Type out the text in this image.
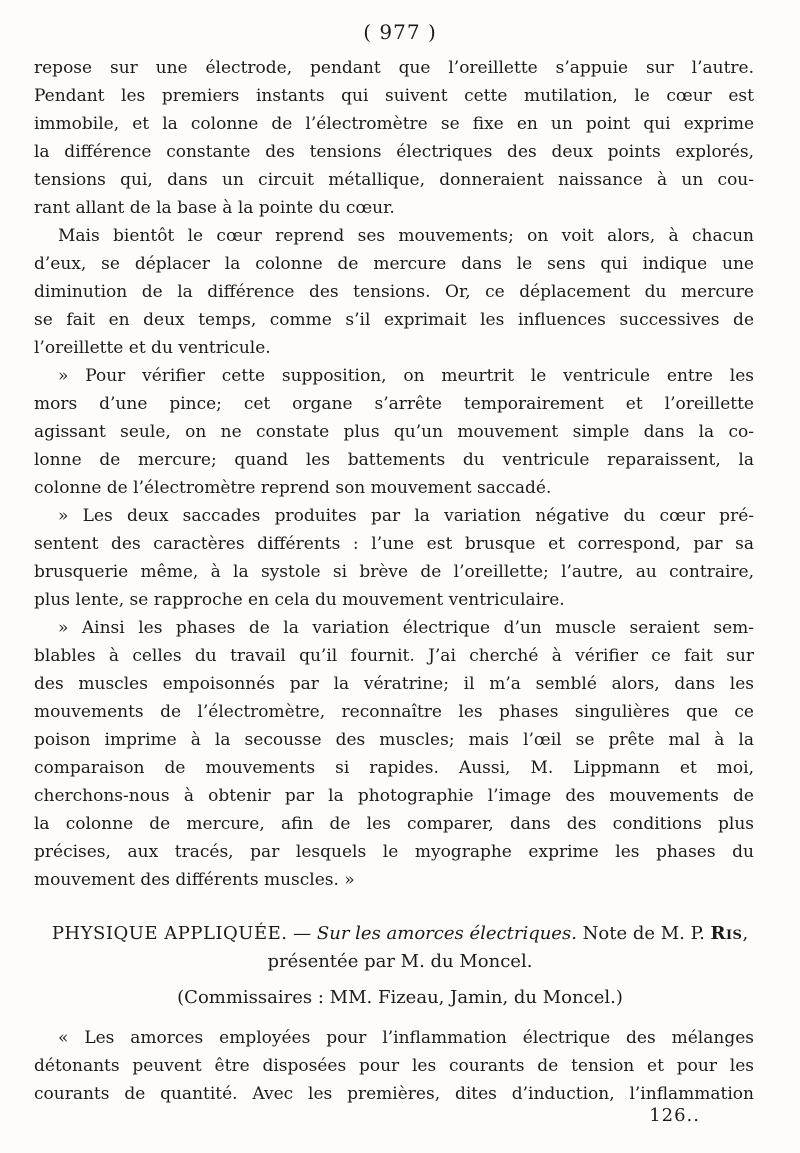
( 977 )
repose sur une électrode, pendant que l’oreillette s’appuie sur l’autre.
Pendant les premiers instants qui suivent cette mutilation, le cœur est
immobile, et la colonne de l’électromètre se fixe en un point qui exprime
la différence constante des tensions électriques des deux points explorés,
tensions qui, dans un circuit métallique, donneraient naissance à un cou-
rant allant de la base à la pointe du cœur.
Mais bientôt le cœur reprend ses mouvements; on voit alors, à chacun
d’eux, se déplacer la colonne de mercure dans le sens qui indique une
diminution de la différence des tensions. Or, ce déplacement du mercure
se fait en deux temps, comme s’il exprimait les influences successives de
l’oreillette et du ventricule.
» Pour vérifier cette supposition, on meurtrit le ventricule entre les
mors d’une pince; cet organe s’arrête temporairement et l’oreillette
agissant seule, on ne constate plus qu’un mouvement simple dans la co-
lonne de mercure; quand les battements du ventricule reparaissent, la
colonne de l’électromètre reprend son mouvement saccadé.
» Les deux saccades produites par la variation négative du cœur pré-
sentent des caractères différents : l’une est brusque et correspond, par sa
brusquerie même, à la systole si brève de l’oreillette; l’autre, au contraire,
plus lente, se rapproche en cela du mouvement ventriculaire.
» Ainsi les phases de la variation électrique d’un muscle seraient sem-
blables à celles du travail qu’il fournit. J’ai cherché à vérifier ce fait sur
des muscles empoisonnés par la vératrine; il m’a semblé alors, dans les
mouvements de l’électromètre, reconnaître les phases singulières que ce
poison imprime à la secousse des muscles; mais l’œil se prête mal à la
comparaison de mouvements si rapides. Aussi, M. Lippmann et moi,
cherchons-nous à obtenir par la photographie l’image des mouvements de
la colonne de mercure, afin de les comparer, dans des conditions plus
précises, aux tracés, par lesquels le myographe exprime les phases du
mouvement des différents muscles. »
PHYSIQUE APPLIQUÉE. — Sur les amorces électriques. Note de M. P. Ris,
présentée par M. du Moncel.
(Commissaires : MM. Fizeau, Jamin, du Moncel.)
« Les amorces employées pour l’inflammation électrique des mélanges
détonants peuvent être disposées pour les courants de tension et pour les
courants de quantité. Avec les premières, dites d’induction, l’inflammation
126..
